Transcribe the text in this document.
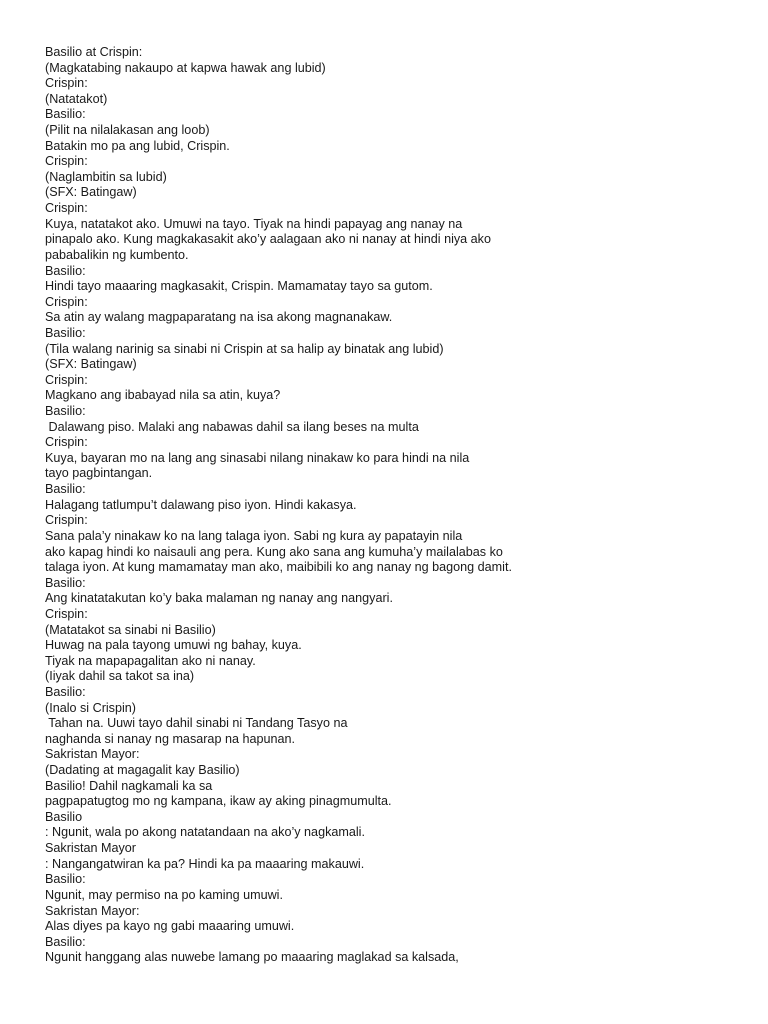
Basilio at Crispin:
(Magkatabing nakaupo at kapwa hawak ang lubid)
Crispin:
(Natatakot)
Basilio:
(Pilit na nilalakasan ang loob)
Batakin mo pa ang lubid, Crispin.
Crispin:
(Naglambitin sa lubid)
(SFX: Batingaw)
Crispin:
Kuya, natatakot ako. Umuwi na tayo. Tiyak na hindi papayag ang nanay na
pinapalo ako. Kung magkakasakit ako’y aalagaan ako ni nanay at hindi niya ako
pababalikin ng kumbento.
Basilio:
Hindi tayo maaaring magkasakit, Crispin. Mamamatay tayo sa gutom.
Crispin:
Sa atin ay walang magpaparatang na isa akong magnanakaw.
Basilio:
(Tila walang narinig sa sinabi ni Crispin at sa halip ay binatak ang lubid)
(SFX: Batingaw)
Crispin:
Magkano ang ibabayad nila sa atin, kuya?
Basilio:
Dalawang piso. Malaki ang nabawas dahil sa ilang beses na multa
Crispin:
Kuya, bayaran mo na lang ang sinasabi nilang ninakaw ko para hindi na nila
tayo pagbintangan.
Basilio:
Halagang tatlumpu’t dalawang piso iyon. Hindi kakasya.
Crispin:
Sana pala’y ninakaw ko na lang talaga iyon. Sabi ng kura ay papatayin nila
ako kapag hindi ko naisauli ang pera. Kung ako sana ang kumuha’y mailalabas ko
talaga iyon. At kung mamamatay man ako, maibibili ko ang nanay ng bagong damit.
Basilio:
Ang kinatatakutan ko’y baka malaman ng nanay ang nangyari.
Crispin:
(Matatakot sa sinabi ni Basilio)
Huwag na pala tayong umuwi ng bahay, kuya.
Tiyak na mapapagalitan ako ni nanay.
(Iiyak dahil sa takot sa ina)
Basilio:
(Inalo si Crispin)
Tahan na. Uuwi tayo dahil sinabi ni Tandang Tasyo na
naghanda si nanay ng masarap na hapunan.
Sakristan Mayor:
(Dadating at magagalit kay Basilio)
Basilio! Dahil nagkamali ka sa
pagpapatugtog mo ng kampana, ikaw ay aking pinagmumulta.
Basilio
: Ngunit, wala po akong natatandaan na ako’y nagkamali.
Sakristan Mayor
: Nangangatwiran ka pa? Hindi ka pa maaaring makauwi.
Basilio:
Ngunit, may permiso na po kaming umuwi.
Sakristan Mayor:
Alas diyes pa kayo ng gabi maaaring umuwi.
Basilio:
Ngunit hanggang alas nuwebe lamang po maaaring maglakad sa kalsada,
